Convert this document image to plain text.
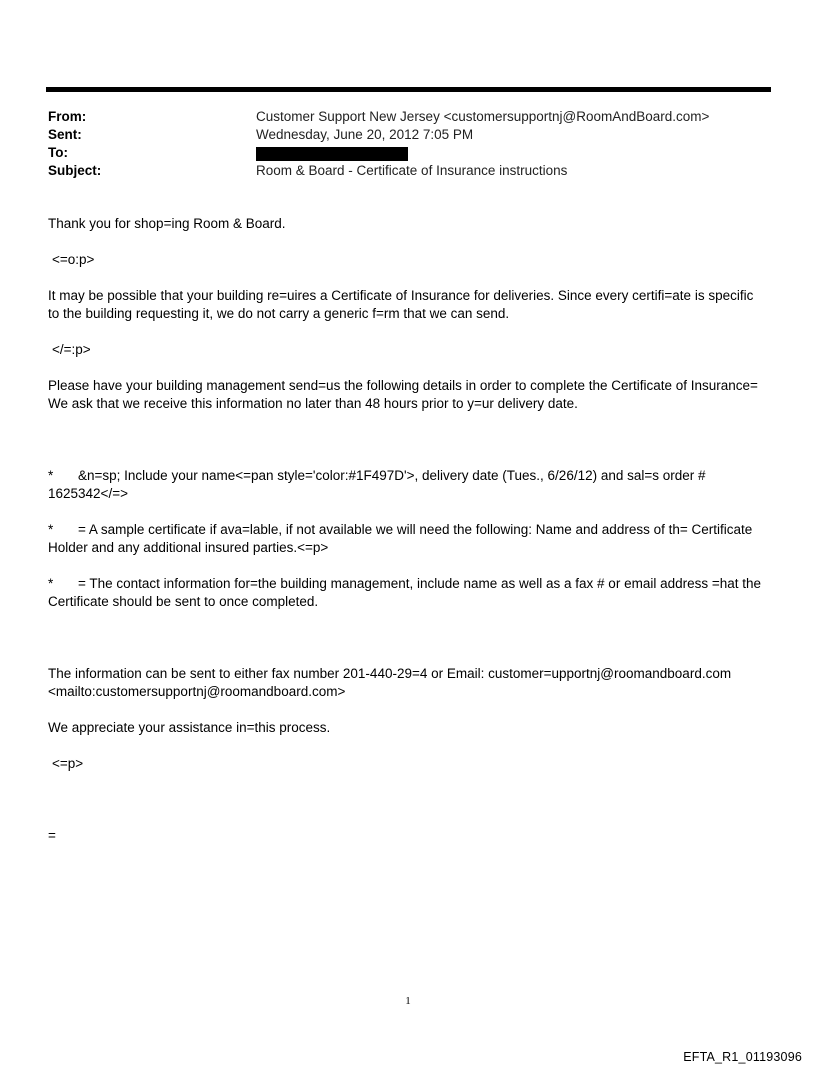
From:	Customer Support New Jersey <customersupportnj@RoomAndBoard.com>
Sent:	Wednesday, June 20, 2012 7:05 PM
To:
Subject:	Room & Board - Certificate of Insurance instructions

Thank you for shop=ing Room & Board.

<=o:p>

It may be possible that your building re=uires a Certificate of Insurance for deliveries. Since every certifi=ate is specific to the building requesting it, we do not carry a generic f=rm that we can send.

</=:p>

Please have your building management send=us the following details in order to complete the Certificate of Insurance= We ask that we receive this information no later than 48 hours prior to y=ur delivery date.

* &n=sp; Include your name<=pan style='color:#1F497D'>, delivery date (Tues., 6/26/12) and sal=s order # 1625342</=>

* = A sample certificate if ava=lable, if not available we will need the following: Name and address of th= Certificate Holder and any additional insured parties.<=p>

* = The contact information for=the building management, include name as well as a fax # or email address =hat the Certificate should be sent to once completed.

The information can be sent to either fax number 201-440-29=4 or Email: customer=upportnj@roomandboard.com <mailto:customersupportnj@roomandboard.com>

We appreciate your assistance in=this process.

<=p>

=

1
EFTA_R1_01193096
